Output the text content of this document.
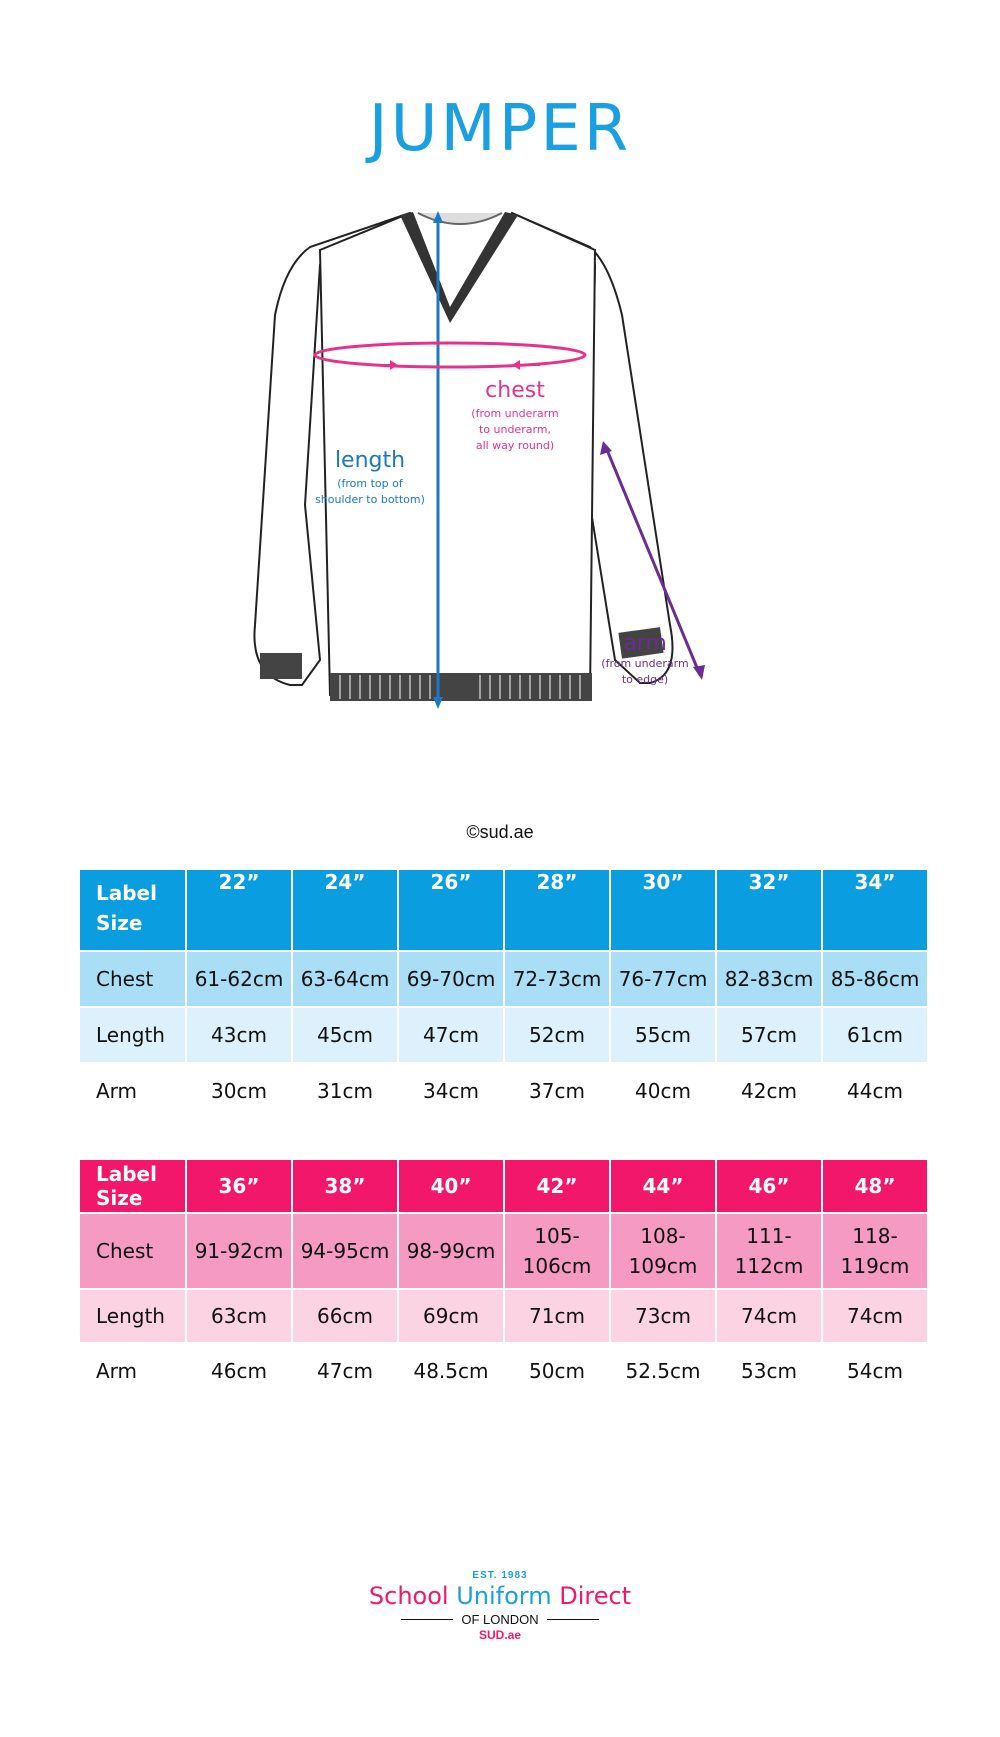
JUMPER
chest
(from underarm
to underarm,
all way round)
length
(from top of
shoulder to bottom)
arm
(from underarm
to edge)
©sud.ae
Label Size	22”	24”	26”	28”	30”	32”	34”
Chest	61-62cm	63-64cm	69-70cm	72-73cm	76-77cm	82-83cm	85-86cm
Length	43cm	45cm	47cm	52cm	55cm	57cm	61cm
Arm	30cm	31cm	34cm	37cm	40cm	42cm	44cm
Label Size	36”	38”	40”	42”	44”	46”	48”
Chest	91-92cm	94-95cm	98-99cm	105-106cm	108-109cm	111-112cm	118-119cm
Length	63cm	66cm	69cm	71cm	73cm	74cm	74cm
Arm	46cm	47cm	48.5cm	50cm	52.5cm	53cm	54cm
EST. 1983
School Uniform Direct
OF LONDON
SUD.ae
